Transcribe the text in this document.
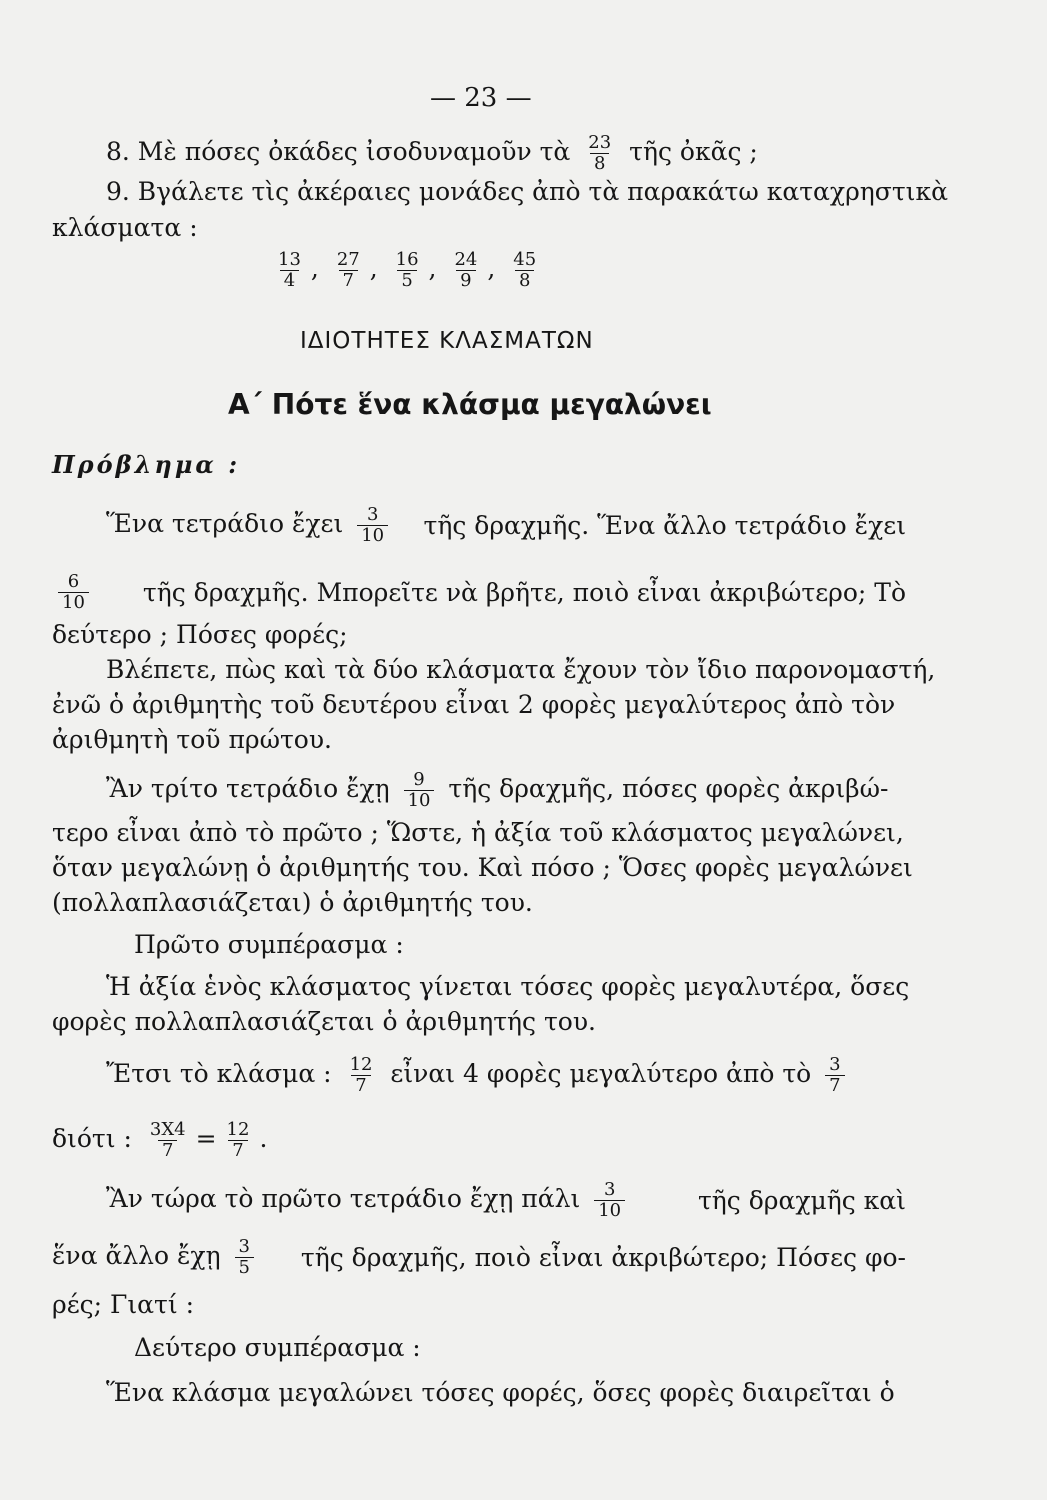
— 23 —
8. Μὲ πόσες ὀκάδες ἰσοδυναμοῦν τὰ $\frac{23}{8}$ τῆς ὀκᾶς ;
9. Βγάλετε τὶς ἀκέραιες μονάδες ἀπὸ τὰ παρακάτω καταχρηστικὰ
κλάσματα :
$\frac{13}{4}$ , $\frac{27}{7}$ , $\frac{16}{5}$ , $\frac{24}{9}$ , $\frac{45}{8}$
ΙΔΙΟΤΗΤΕΣ ΚΛΑΣΜΑΤΩΝ
Α΄ Πότε ἕνα κλάσμα μεγαλώνει
Πρόβλημα :
Ἕνα τετράδιο ἔχει $\frac{3}{10}$ τῆς δραχμῆς. Ἕνα ἄλλο τετράδιο ἔχει
$\frac{6}{10}$ τῆς δραχμῆς. Μπορεῖτε νὰ βρῆτε, ποιὸ εἶναι ἀκριβώτερο; Τὸ
δεύτερο ; Πόσες φορές;
Βλέπετε, πὼς καὶ τὰ δύο κλάσματα ἔχουν τὸν ἴδιο παρονομαστή,
ἐνῶ ὁ ἀριθμητὴς τοῦ δευτέρου εἶναι 2 φορὲς μεγαλύτερος ἀπὸ τὸν
ἀριθμητὴ τοῦ πρώτου.
Ἂν τρίτο τετράδιο ἔχῃ $\frac{9}{10}$ τῆς δραχμῆς, πόσες φορὲς ἀκριβώ-
τερο εἶναι ἀπὸ τὸ πρῶτο ; Ὥστε, ἡ ἀξία τοῦ κλάσματος μεγαλώνει,
ὅταν μεγαλώνῃ ὁ ἀριθμητής του. Καὶ πόσο ; Ὅσες φορὲς μεγαλώνει
(πολλαπλασιάζεται) ὁ ἀριθμητής του.
Πρῶτο συμπέρασμα :
Ἡ ἀξία ἑνὸς κλάσματος γίνεται τόσες φορὲς μεγαλυτέρα, ὅσες
φορὲς πολλαπλασιάζεται ὁ ἀριθμητής του.
Ἔτσι τὸ κλάσμα : $\frac{12}{7}$ εἶναι 4 φορὲς μεγαλύτερο ἀπὸ τὸ $\frac{3}{7}$
διότι : $\frac{3X4}{7} = \frac{12}{7}$ .
Ἂν τώρα τὸ πρῶτο τετράδιο ἔχῃ πάλι $\frac{3}{10}$	τῆς δραχμῆς καὶ
ἕνα ἄλλο ἔχῃ $\frac{3}{5}$ τῆς δραχμῆς, ποιὸ εἶναι ἀκριβώτερο; Πόσες φο-
ρές; Γιατί :
Δεύτερο συμπέρασμα :
Ἕνα κλάσμα μεγαλώνει τόσες φορές, ὅσες φορὲς διαιρεῖται ὁ
